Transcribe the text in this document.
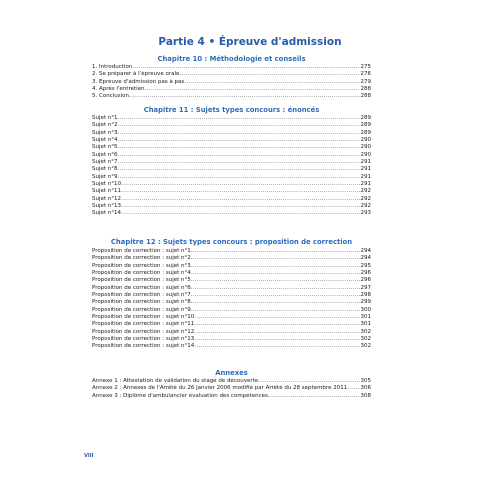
Partie 4 • Épreuve d'admission
Chapitre 10 : Méthodologie et conseils
1. Introduction .....	275
2. Se préparer à l'épreuve orale .....	276
3. Épreuve d'admission pas à pas .....	279
4. Après l'entretien .....	288
5. Conclusion .....	288
Chapitre 11 : Sujets types concours : énoncés
Sujet n°1 .....	289
Sujet n°2 .....	289
Sujet n°3 .....	289
Sujet n°4 .....	290
Sujet n°5 .....	290
Sujet n°6 .....	290
Sujet n°7 .....	291
Sujet n°8 .....	291
Sujet n°9 .....	291
Sujet n°10 .....	291
Sujet n°11 .....	292
Sujet n°12 .....	292
Sujet n°13 .....	292
Sujet n°14 .....	293
Chapitre 12 : Sujets types concours : proposition de correction
Proposition de correction : sujet n°1 .....	294
Proposition de correction : sujet n°2 .....	294
Proposition de correction : sujet n°3 .....	295
Proposition de correction : sujet n°4 .....	296
Proposition de correction : sujet n°5 .....	296
Proposition de correction : sujet n°6 .....	297
Proposition de correction : sujet n°7 .....	298
Proposition de correction : sujet n°8 .....	299
Proposition de correction : sujet n°9 .....	300
Proposition de correction : sujet n°10 .....	301
Proposition de correction : sujet n°11 .....	301
Proposition de correction : sujet n°12 .....	302
Proposition de correction : sujet n°13 .....	302
Proposition de correction : sujet n°14 .....	302
Annexes
Annexe 1 : Attestation de validation du stage de découverte .....	305
Annexe 2 : Annexes de l'Arrêté du 26 janvier 2006 modifié par Arrêté du 28 septembre 2011 ..... 306
Annexe 3 : Diplôme d'ambulancier évaluation des compétences .....	308
VIII
